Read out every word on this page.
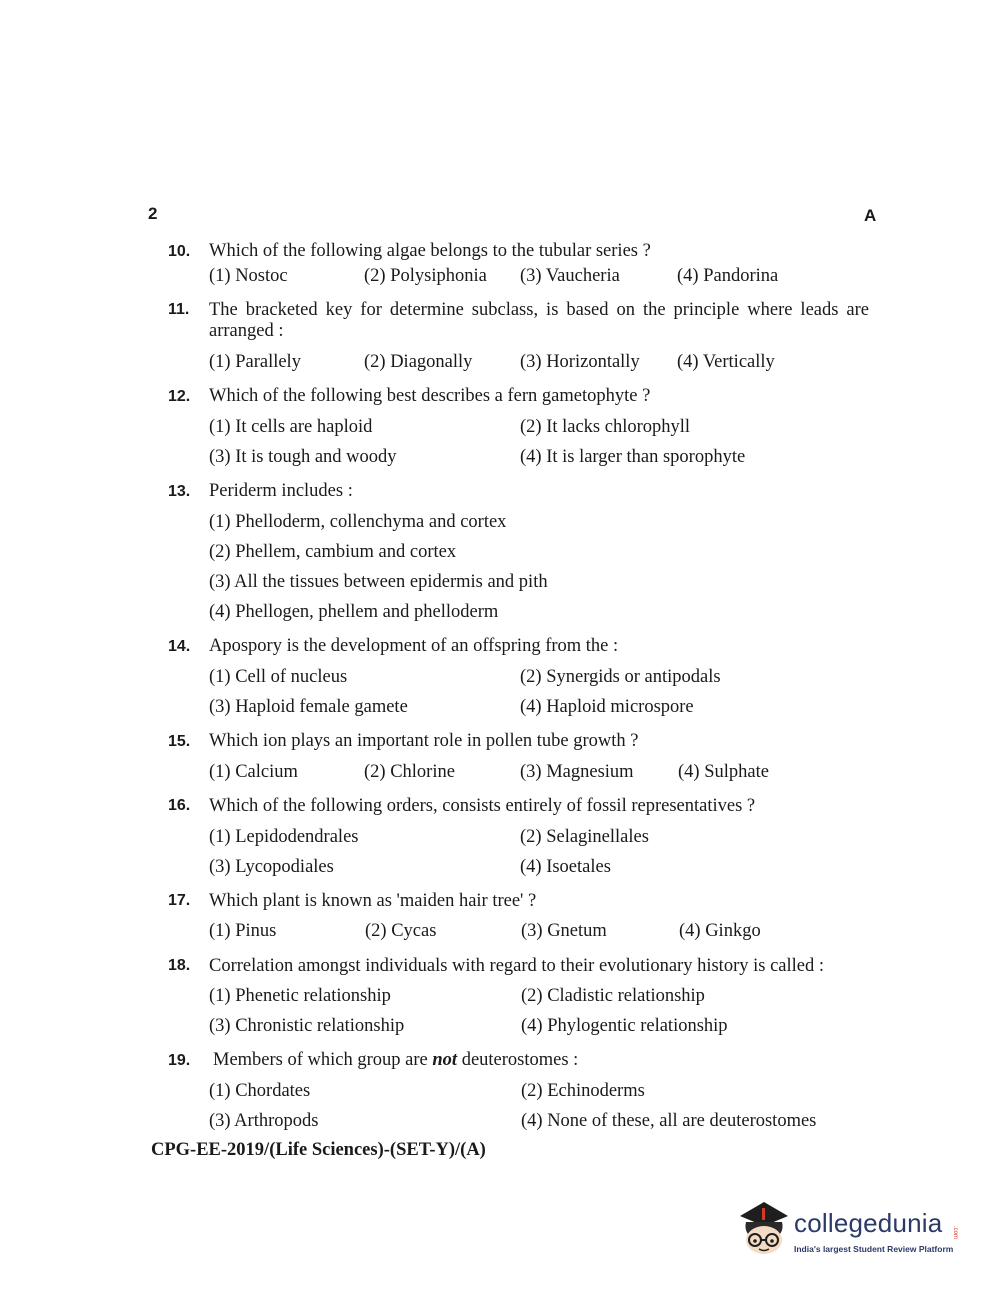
2	A
10. Which of the following algae belongs to the tubular series ?
(1) Nostoc	(2) Polysiphonia (3) Vaucheria	(4) Pandorina
11. The bracketed key for determine subclass, is based on the principle where leads are
arranged :
(1) Parallely	(2) Diagonally	(3) Horizontally (4) Vertically
12. Which of the following best describes a fern gametophyte ?
(1) It cells are haploid	(2) It lacks chlorophyll
(3) It is tough and woody	(4) It is larger than sporophyte
13. Periderm includes :
(1) Phelloderm, collenchyma and cortex
(2) Phellem, cambium and cortex
(3) All the tissues between epidermis and pith
(4) Phellogen, phellem and phelloderm
14. Apospory is the development of an offspring from the :
(1) Cell of nucleus	(2) Synergids or antipodals
(3) Haploid female gamete	(4) Haploid microspore
15. Which ion plays an important role in pollen tube growth ?
(1) Calcium	(2) Chlorine	(3) Magnesium (4) Sulphate
16. Which of the following orders, consists entirely of fossil representatives ?
(1) Lepidodendrales	(2) Selaginellales
(3) Lycopodiales	(4) Isoetales
17. Which plant is known as 'maiden hair tree' ?
(1) Pinus	(2) Cycas	(3) Gnetum	(4) Ginkgo
18. Correlation amongst individuals with regard to their evolutionary history is called :
(1) Phenetic relationship	(2) Cladistic relationship
(3) Chronistic relationship	(4) Phylogentic relationship
19. Members of which group are not deuterostomes :
(1) Chordates	(2) Echinoderms
(3) Arthropods	(4) None of these, all are deuterostomes
CPG-EE-2019/(Life Sciences)-(SET-Y)/(A)
collegedunia .com
India's largest Student Review Platform
